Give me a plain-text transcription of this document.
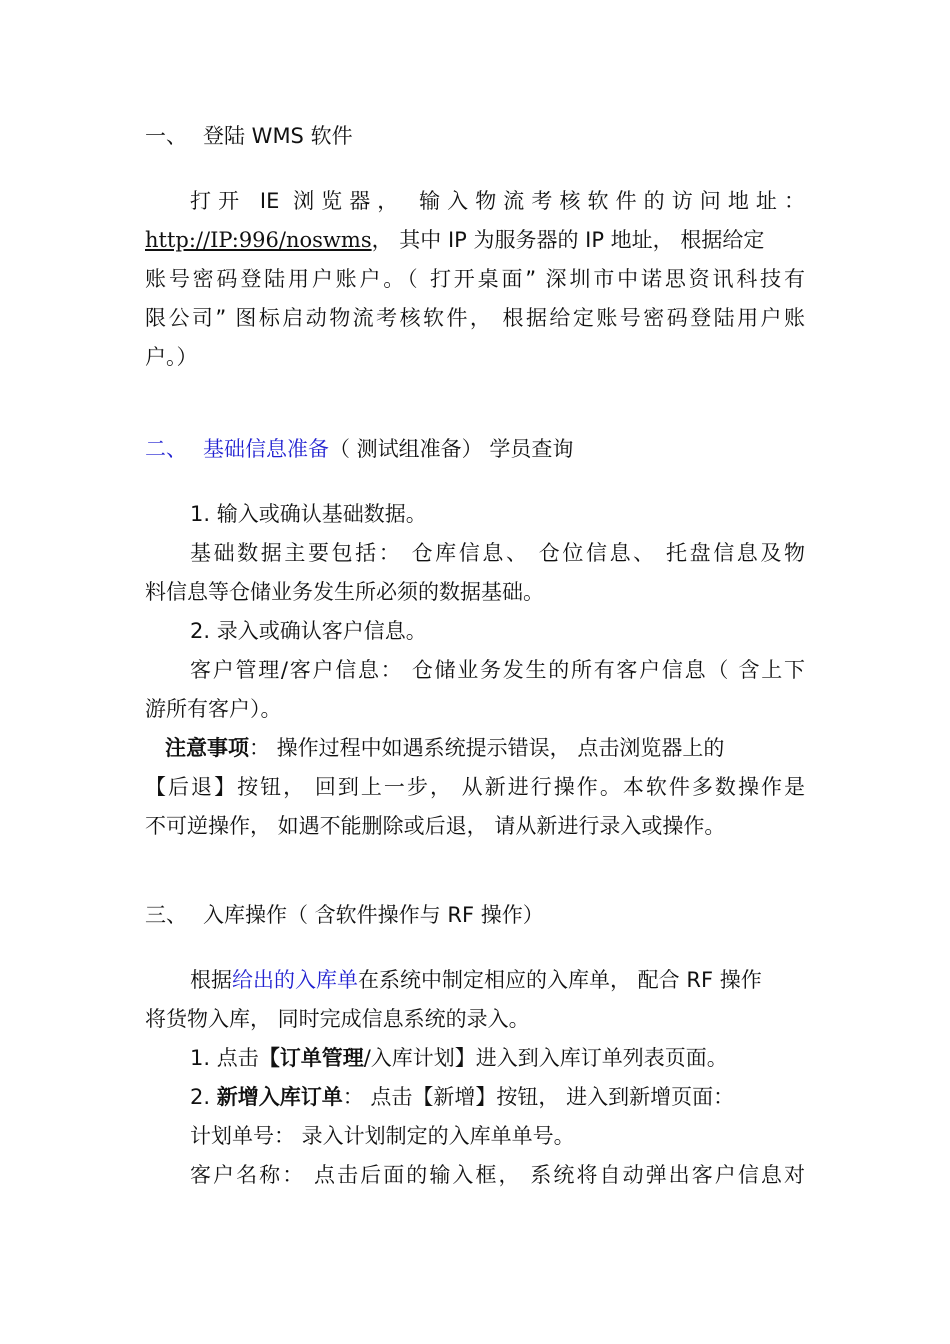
一、 登陆 WMS 软件
打开 IE 浏览器， 输入物流考核软件的访问地址：
http://IP:996/noswms， 其中 IP 为服务器的 IP 地址， 根据给定
账号密码登陆用户账户。（ 打开桌面” 深圳市中诺思资讯科技有
限公司” 图标启动物流考核软件， 根据给定账号密码登陆用户账
户。）
二、 基础信息准备（ 测试组准备） 学员查询
1. 输入或确认基础数据。
基础数据主要包括： 仓库信息、 仓位信息、 托盘信息及物
料信息等仓储业务发生所必须的数据基础。
2. 录入或确认客户信息。
客户管理/客户信息： 仓储业务发生的所有客户信息（ 含上下
游所有客户）。
注意事项： 操作过程中如遇系统提示错误， 点击浏览器上的
【后退】按钮， 回到上一步， 从新进行操作。本软件多数操作是
不可逆操作， 如遇不能删除或后退， 请从新进行录入或操作。
三、 入库操作（ 含软件操作与 RF 操作）
根据给出的入库单在系统中制定相应的入库单， 配合 RF 操作
将货物入库， 同时完成信息系统的录入。
1. 点击【订单管理/入库计划】进入到入库订单列表页面。
2. 新增入库订单： 点击【新增】按钮， 进入到新增页面：
计划单号： 录入计划制定的入库单单号。
客户名称： 点击后面的输入框， 系统将自动弹出客户信息对
